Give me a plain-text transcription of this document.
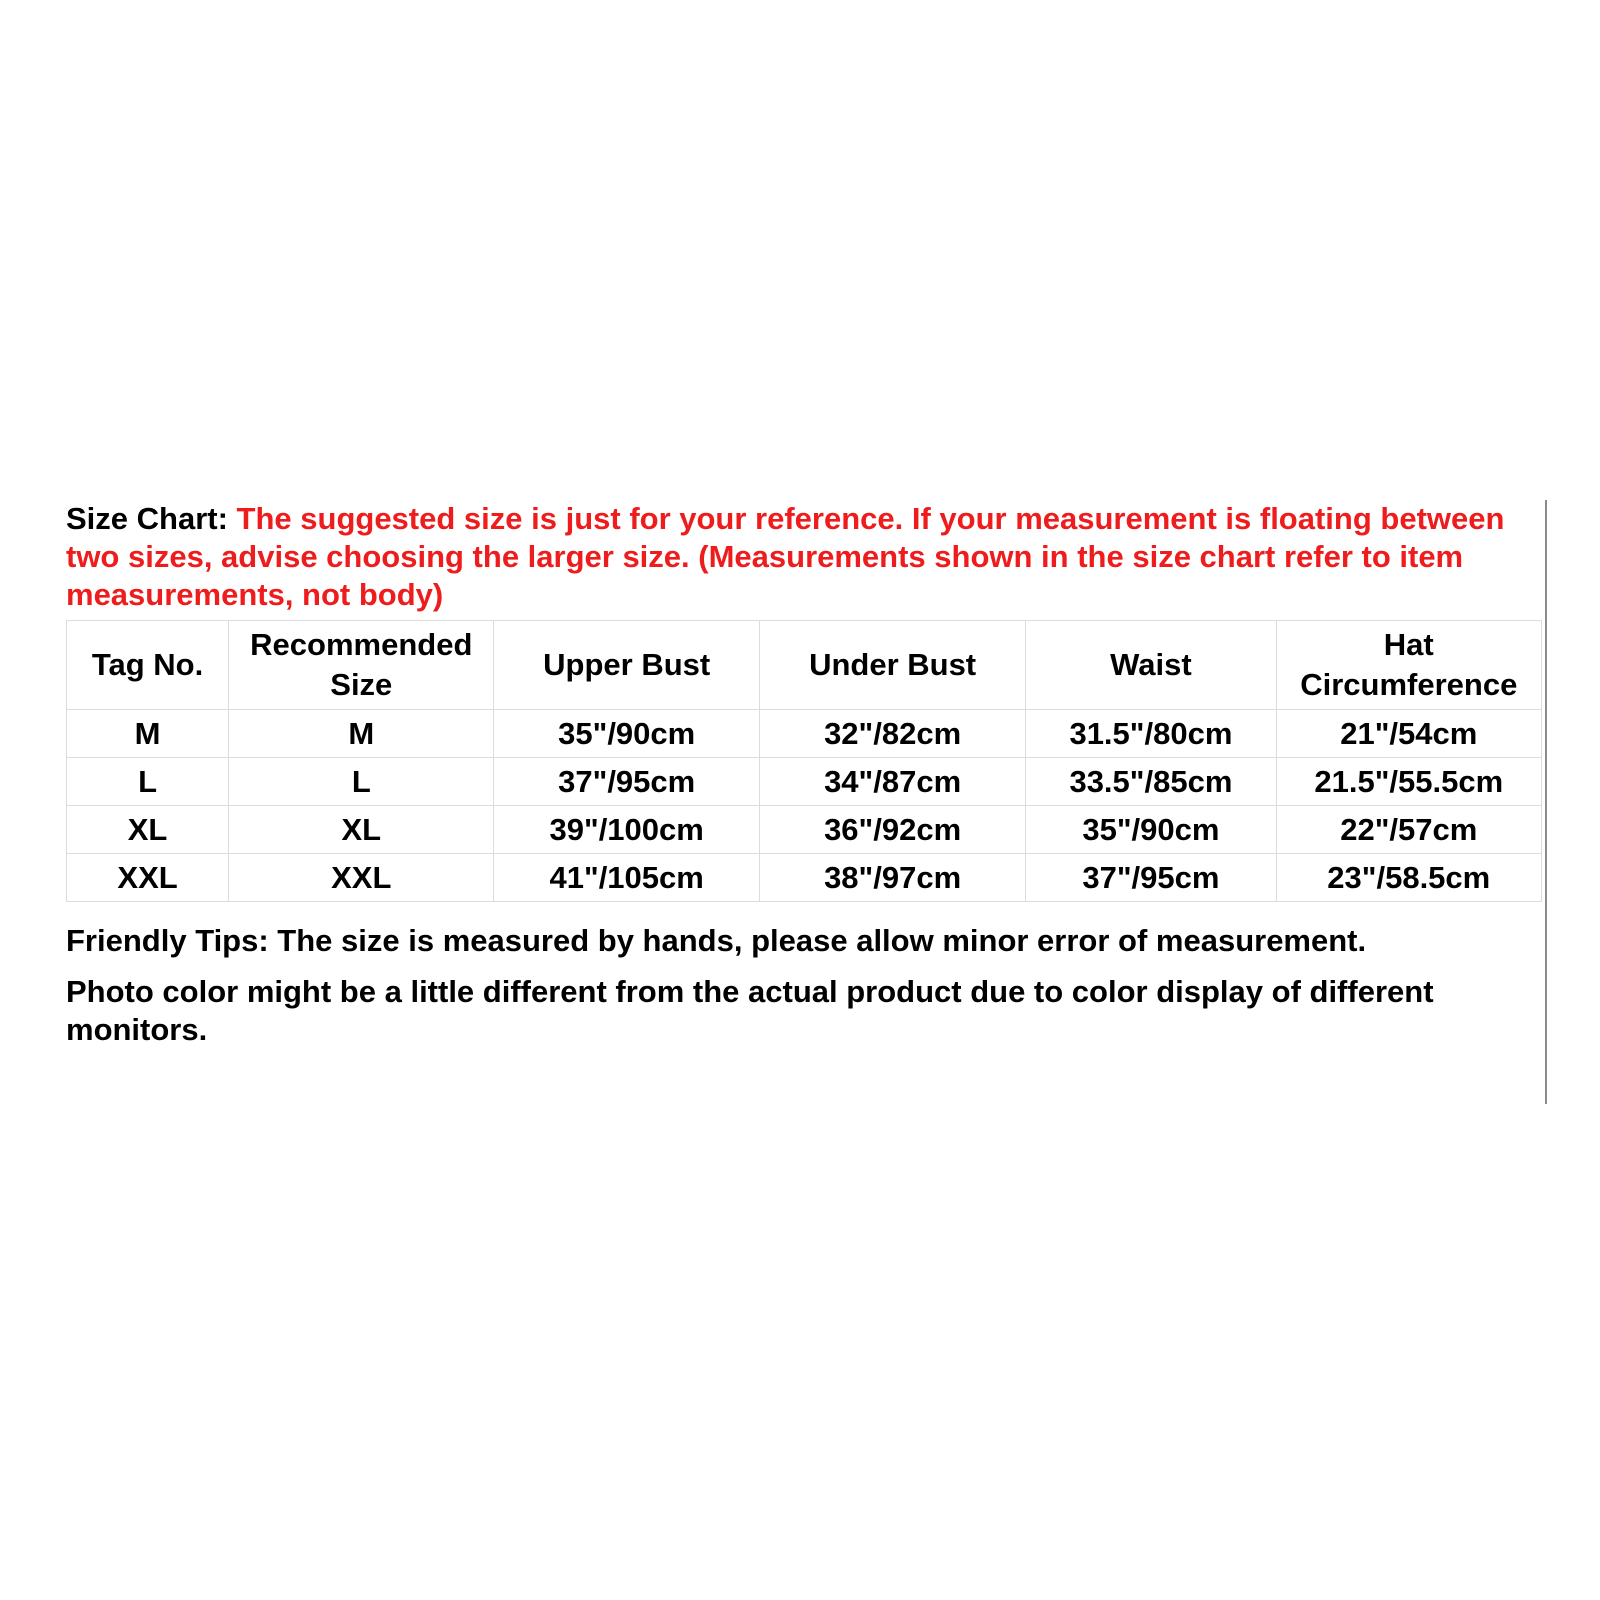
Size Chart: The suggested size is just for your reference. If your measurement is floating between two sizes, advise choosing the larger size. (Measurements shown in the size chart refer to item measurements, not body)

Tag No.	Recommended Size	Upper Bust	Under Bust	Waist	Hat Circumference
M	M	35"/90cm	32"/82cm	31.5"/80cm	21"/54cm
L	L	37"/95cm	34"/87cm	33.5"/85cm	21.5"/55.5cm
XL	XL	39"/100cm	36"/92cm	35"/90cm	22"/57cm
XXL	XXL	41"/105cm	38"/97cm	37"/95cm	23"/58.5cm

Friendly Tips: The size is measured by hands, please allow minor error of measurement.

Photo color might be a little different from the actual product due to color display of different monitors.
